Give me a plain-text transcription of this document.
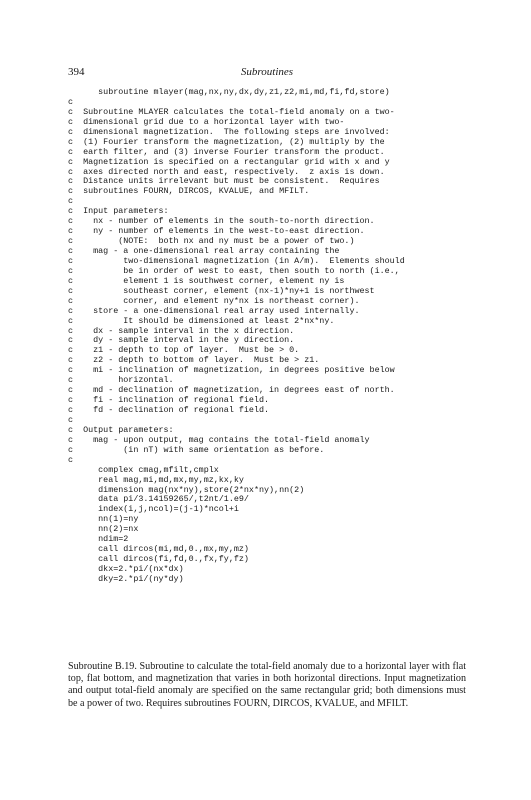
394	Subroutines
subroutine mlayer(mag,nx,ny,dx,dy,z1,z2,mi,md,fi,fd,store)
c
c  Subroutine MLAYER calculates the total-field anomaly on a two-
c  dimensional grid due to a horizontal layer with two-
c  dimensional magnetization.  The following steps are involved:
c  (1) Fourier transform the magnetization, (2) multiply by the
c  earth filter, and (3) inverse Fourier transform the product.
c  Magnetization is specified on a rectangular grid with x and y
c  axes directed north and east, respectively.  z axis is down.
c  Distance units irrelevant but must be consistent.  Requires
c  subroutines FOURN, DIRCOS, KVALUE, and MFILT.
c
c  Input parameters:
c    nx - number of elements in the south-to-north direction.
c    ny - number of elements in the west-to-east direction.
c         (NOTE:  both nx and ny must be a power of two.)
c    mag - a one-dimensional real array containing the
c          two-dimensional magnetization (in A/m).  Elements should
c          be in order of west to east, then south to north (i.e.,
c          element 1 is southwest corner, element ny is
c          southeast corner, element (nx-1)*ny+1 is northwest
c          corner, and element ny*nx is northeast corner).
c    store - a one-dimensional real array used internally.
c          It should be dimensioned at least 2*nx*ny.
c    dx - sample interval in the x direction.
c    dy - sample interval in the y direction.
c    z1 - depth to top of layer.  Must be > 0.
c    z2 - depth to bottom of layer.  Must be > z1.
c    mi - inclination of magnetization, in degrees positive below
c         horizontal.
c    md - declination of magnetization, in degrees east of north.
c    fi - inclination of regional field.
c    fd - declination of regional field.
c
c  Output parameters:
c    mag - upon output, mag contains the total-field anomaly
c          (in nT) with same orientation as before.
c
complex cmag,mfilt,cmplx
real mag,mi,md,mx,my,mz,kx,ky
dimension mag(nx*ny),store(2*nx*ny),nn(2)
data pi/3.14159265/,t2nt/1.e9/
index(i,j,ncol)=(j-1)*ncol+i
nn(1)=ny
nn(2)=nx
ndim=2
call dircos(mi,md,0.,mx,my,mz)
call dircos(fi,fd,0.,fx,fy,fz)
dkx=2.*pi/(nx*dx)
dky=2.*pi/(ny*dy)

Subroutine B.19. Subroutine to calculate the total-field anomaly due to a horizontal layer with flat top, flat bottom, and magnetization that varies in both horizontal directions. Input magnetization and output total-field anomaly are specified on the same rectangular grid; both dimensions must be a power of two. Requires subroutines FOURN, DIRCOS, KVALUE, and MFILT.
